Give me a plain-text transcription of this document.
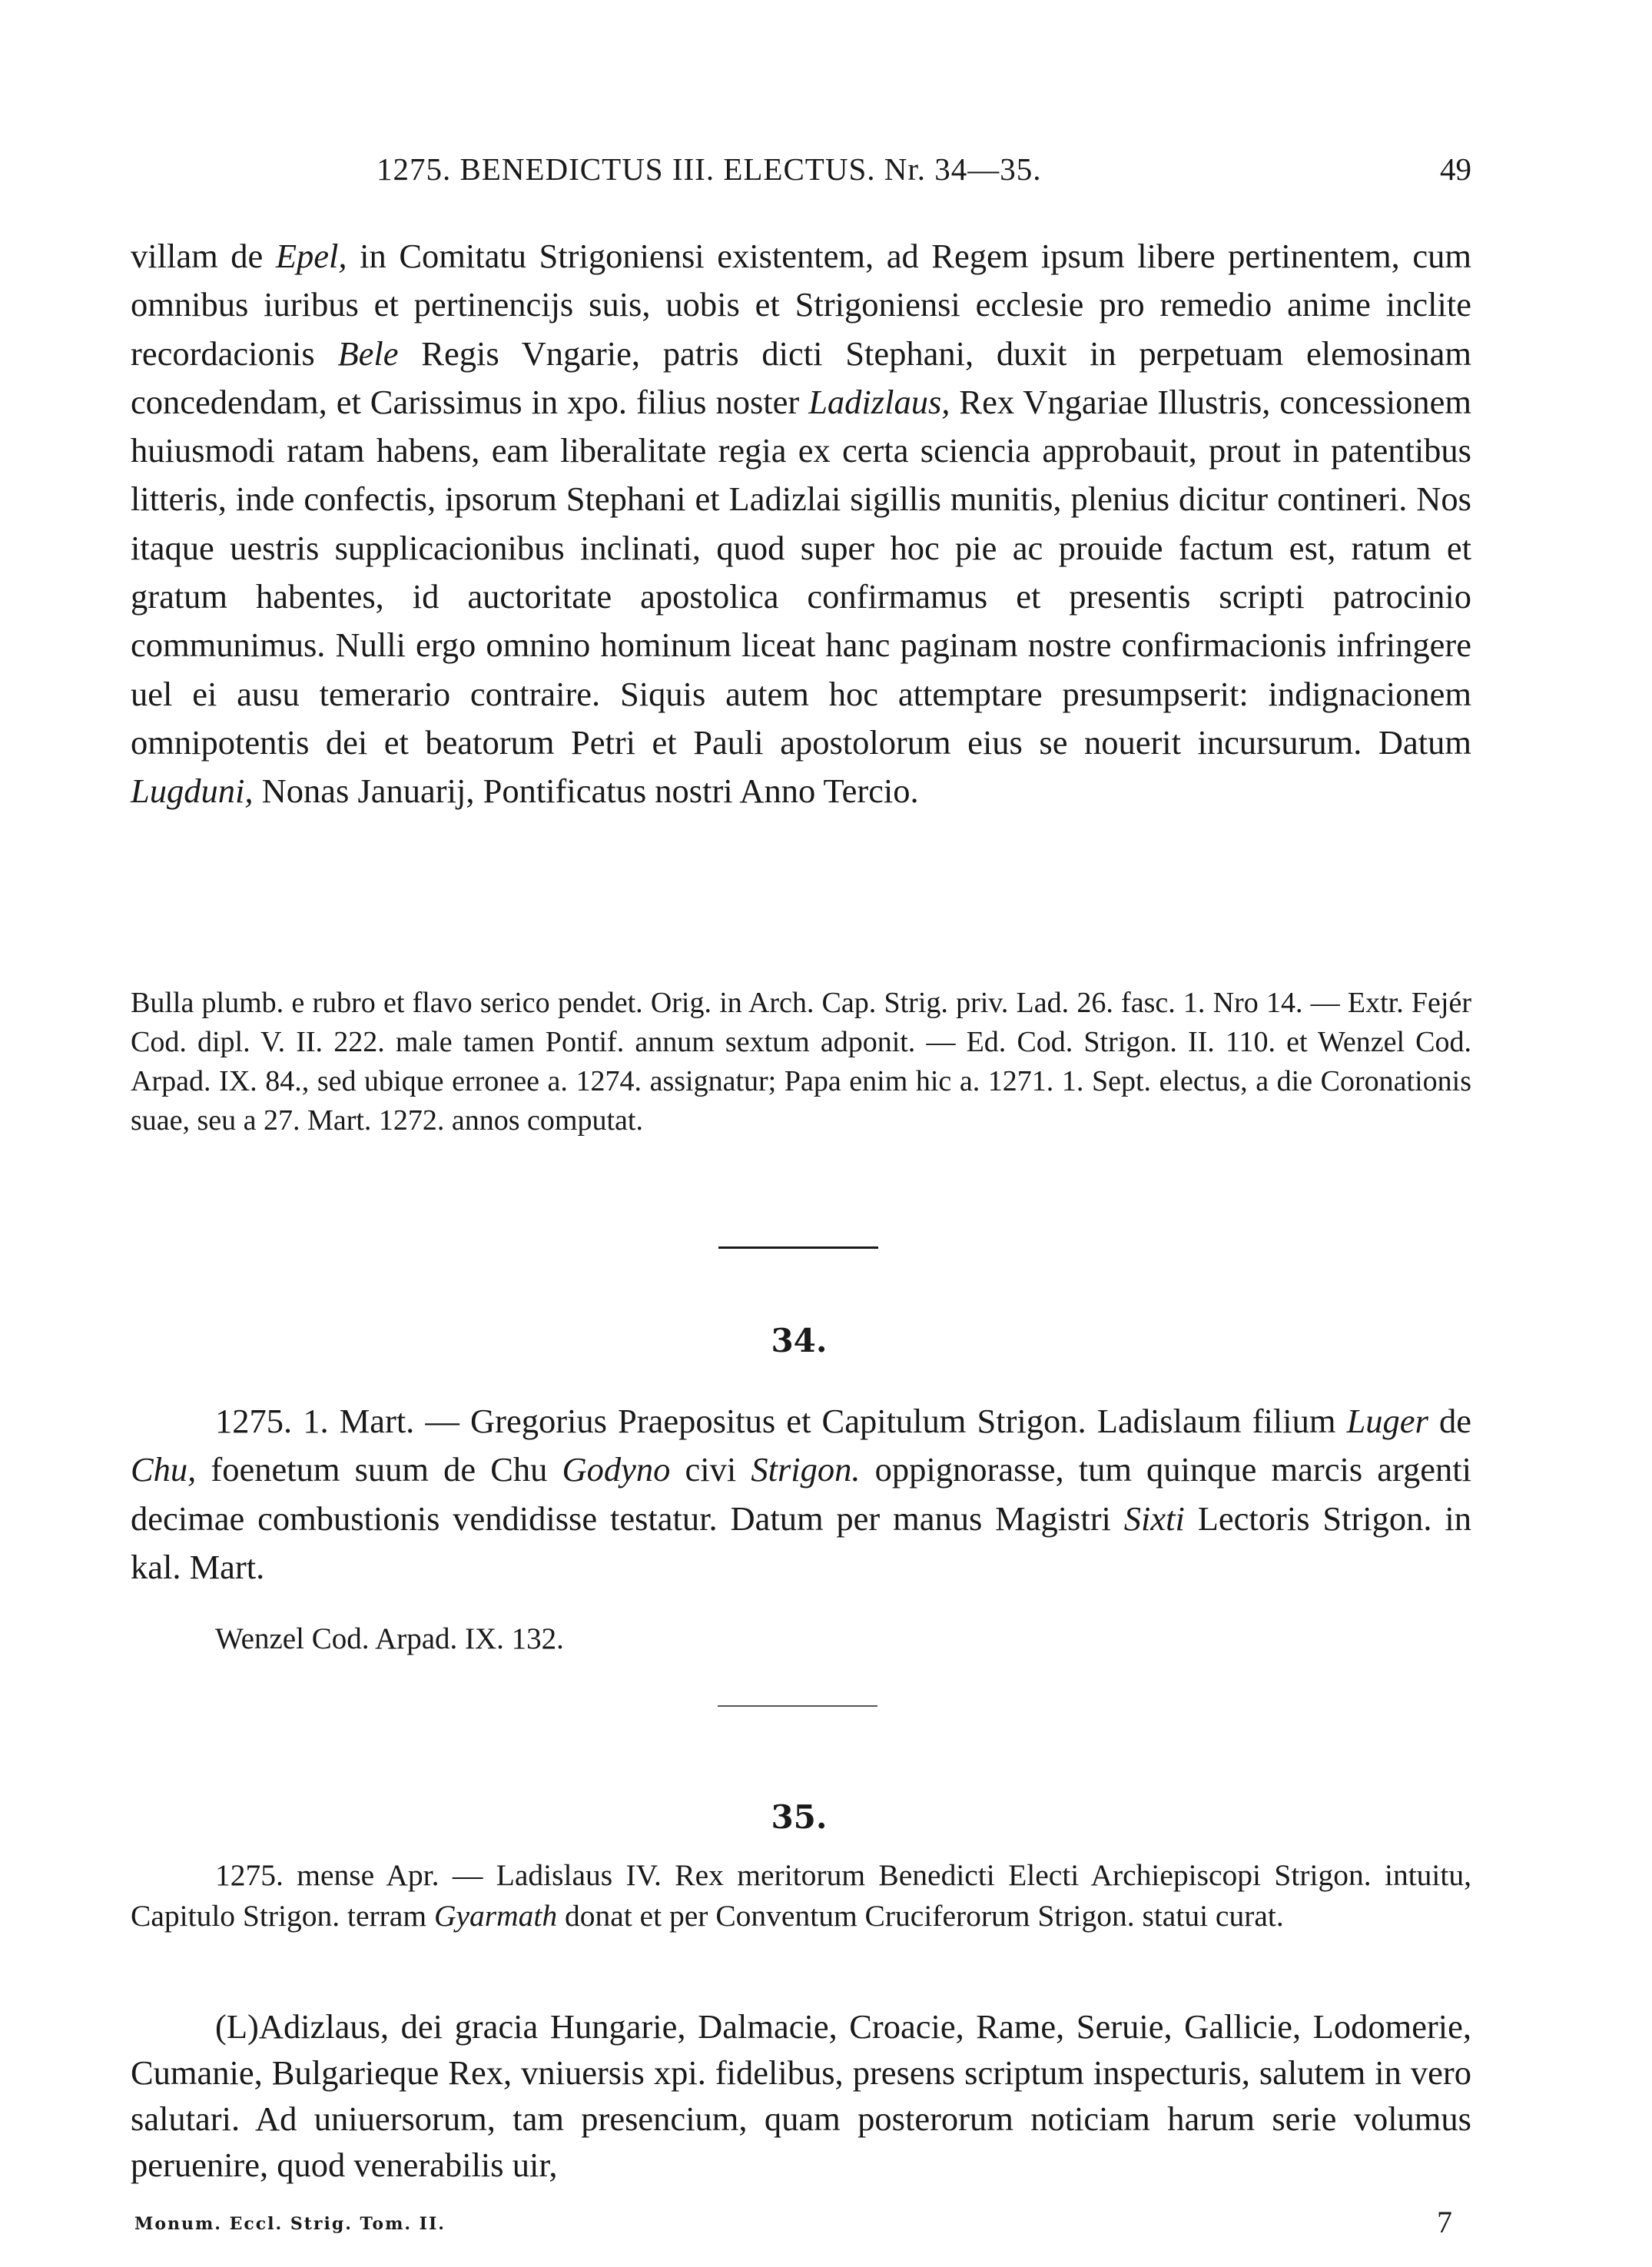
1275. BENEDICTUS III. ELECTUS. Nr. 34—35.	49

villam de Epel, in Comitatu Strigoniensi existentem, ad Regem ipsum libere pertinentem, cum omnibus iuribus et pertinencijs suis, uobis et Strigoniensi ecclesie pro remedio anime inclite recordacionis Bele Regis Vngarie, patris dicti Stephani, duxit in perpetuam elemosinam concedendam, et Carissimus in xpo. filius noster Ladizlaus, Rex Vngariae Illustris, concessionem huiusmodi ratam habens, eam liberalitate regia ex certa sciencia approbauit, prout in patentibus litteris, inde confectis, ipsorum Stephani et Ladizlai sigillis munitis, plenius dicitur contineri. Nos itaque uestris supplicacionibus inclinati, quod super hoc pie ac prouide factum est, ratum et gratum habentes, id auctoritate apostolica confirmamus et presentis scripti patrocinio communimus. Nulli ergo omnino hominum liceat hanc paginam nostre confirmacionis infringere uel ei ausu temerario contraire. Siquis autem hoc attemptare presumpserit: indignacionem omnipotentis dei et beatorum Petri et Pauli apostolorum eius se nouerit incursurum. Datum Lugduni, Nonas Januarij, Pontificatus nostri Anno Tercio.

Bulla plumb. e rubro et flavo serico pendet. Orig. in Arch. Cap. Strig. priv. Lad. 26. fasc. 1. Nro 14. — Extr. Fejér Cod. dipl. V. II. 222. male tamen Pontif. annum sextum adponit. — Ed. Cod. Strigon. II. 110. et Wenzel Cod. Arpad. IX. 84., sed ubique erronee a. 1274. assignatur; Papa enim hic a. 1271. 1. Sept. electus, a die Coronationis suae, seu a 27. Mart. 1272. annos computat.

34.

1275. 1. Mart. — Gregorius Praepositus et Capitulum Strigon. Ladislaum filium Luger de Chu, foenetum suum de Chu Godyno civi Strigon. oppignorasse, tum quinque marcis argenti decimae combustionis vendidisse testatur. Datum per manus Magistri Sixti Lectoris Strigon. in kal. Mart.

Wenzel Cod. Arpad. IX. 132.

35.

1275. mense Apr. — Ladislaus IV. Rex meritorum Benedicti Electi Archiepiscopi Strigon. intuitu, Capitulo Strigon. terram Gyarmath donat et per Conventum Cruciferorum Strigon. statui curat.

(L)Adizlaus, dei gracia Hungarie, Dalmacie, Croacie, Rame, Seruie, Gallicie, Lodomerie, Cumanie, Bulgarieque Rex, vniuersis xpi. fidelibus, presens scriptum inspecturis, salutem in vero salutari. Ad uniuersorum, tam presencium, quam posterorum noticiam harum serie volumus peruenire, quod venerabilis uir,

Monum. Eccl. Strig. Tom. II.	7
